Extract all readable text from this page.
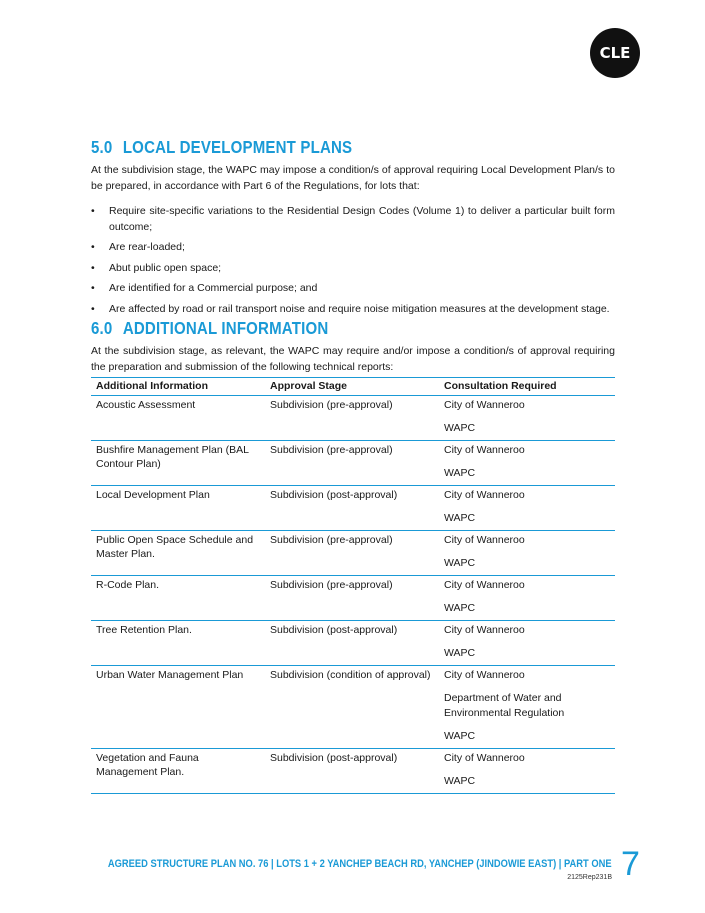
CLE
5.0 LOCAL DEVELOPMENT PLANS

At the subdivision stage, the WAPC may impose a condition/s of approval requiring Local Development Plan/s to be prepared, in accordance with Part 6 of the Regulations, for lots that:

• Require site-specific variations to the Residential Design Codes (Volume 1) to deliver a particular built form outcome;
• Are rear-loaded;
• Abut public open space;
• Are identified for a Commercial purpose; and
• Are affected by road or rail transport noise and require noise mitigation measures at the development stage.
6.0 ADDITIONAL INFORMATION

At the subdivision stage, as relevant, the WAPC may require and/or impose a condition/s of approval requiring the preparation and submission of the following technical reports:

Additional Information	Approval Stage	Consultation Required
Acoustic Assessment	Subdivision (pre-approval)	City of Wanneroo

WAPC

Bushfire Management Plan (BAL Contour Plan)	Subdivision (pre-approval)	City of Wanneroo

WAPC

Local Development Plan	Subdivision (post-approval)	City of Wanneroo

WAPC

Public Open Space Schedule and Master Plan.	Subdivision (pre-approval)	City of Wanneroo

WAPC

R-Code Plan.	Subdivision (pre-approval)	City of Wanneroo

WAPC

Tree Retention Plan.	Subdivision (post-approval)	City of Wanneroo

WAPC

Urban Water Management Plan	Subdivision (condition of approval)	City of Wanneroo

Department of Water and Environmental Regulation

WAPC

Vegetation and Fauna Management Plan.	Subdivision (post-approval)	City of Wanneroo

WAPC

AGREED STRUCTURE PLAN NO. 76 | LOTS 1 + 2 YANCHEP BEACH RD, YANCHEP (JINDOWIE EAST) | PART ONE
2125Rep231B 7
